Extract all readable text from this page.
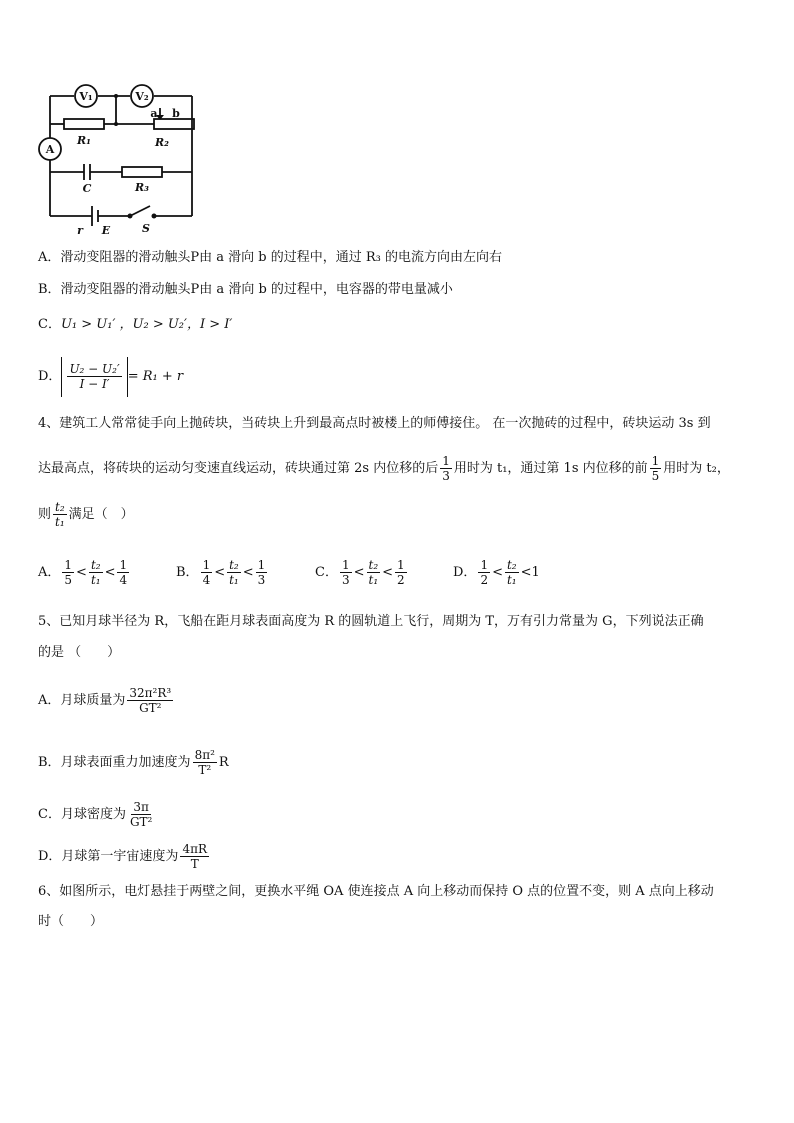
V₁	V₂
A
R₁	R₂
R₃
a b
C
r E	S
A．滑动变阻器的滑动触头P由 a 滑向 b 的过程中，通过 R₃ 的电流方向由左向右
B．滑动变阻器的滑动触头P由 a 滑向 b 的过程中，电容器的带电量减小
C．U₁ > U₁′ ，U₂ > U₂′，I > I′
D． $\frac{\text{U₂ − U₂′}}{I - I'} = R_1 + r$
4、建筑工人常常徒手向上抛砖块，当砖块上升到最高点时被楼上的师傅接住。 在一次抛砖的过程中，砖块运动 3s 到
达最高点，将砖块的运动匀变速直线运动，砖块通过第 2s 内位移的后 $\frac{1}{3}$ 用时为 t₁，通过第 1s 内位移的前 $\frac{1}{5}$ 用时为 t₂，
则 $\frac{\text{t₂}}{\text{t₁}}$ 满足（　）
A． $\frac{1}{5} < \frac{\text{t₂}}{\text{t₁}} < \frac{1}{4}$	B． $\frac{1}{4} < \frac{\text{t₂}}{\text{t₁}} < \frac{1}{3}$	C． $\frac{1}{3} < \frac{\text{t₂}}{\text{t₁}} < \frac{1}{2}$	D． $\frac{1}{2} < \frac{\text{t₂}}{\text{t₁}} <1$
5、已知月球半径为 R，飞船在距月球表面高度为 R 的圆轨道上飞行，周期为 T，万有引力常量为 G，下列说法正确
的是 （　　）
A．月球质量为 $\frac{\text{32π²R³}}{\text{GT²}}$
B．月球表面重力加速度为 $\frac{\text{8π²}}{\text{T²}}$ R
C．月球密度为 $\frac{3\pi}{\text{GT²}}$
D．月球第一宇宙速度为 $\frac{4\pi R}{T}$
6、如图所示，电灯悬挂于两壁之间，更换水平绳 OA 使连接点 A 向上移动而保持 O 点的位置不变，则 A 点向上移动
时（　　）
